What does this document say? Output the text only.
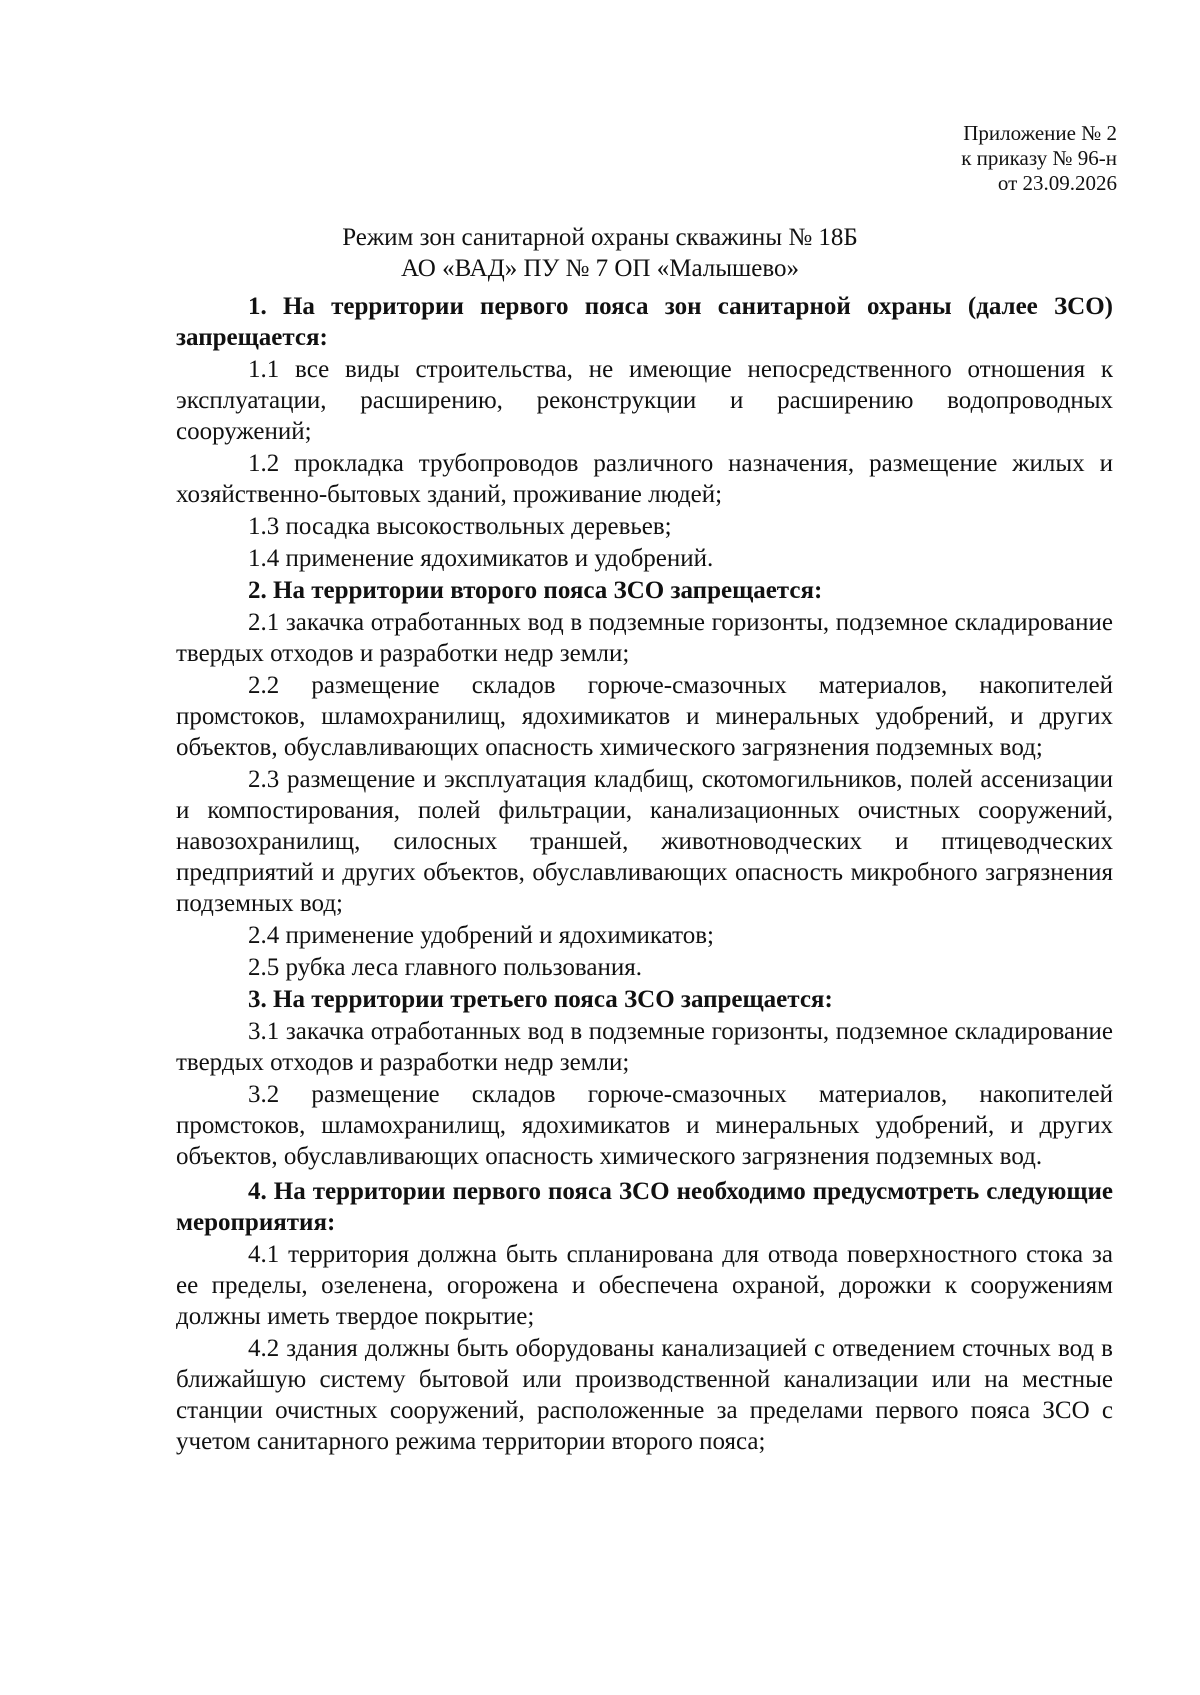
Приложение № 2
к приказу № 96-н
от 23.09.2026
Режим зон санитарной охраны скважины № 18Б
АО «ВАД» ПУ № 7 ОП «Малышево»

1. На территории первого пояса зон санитарной охраны (далее ЗСО) запрещается:

1.1 все виды строительства, не имеющие непосредственного отношения к эксплуатации, расширению, реконструкции и расширению водопроводных сооружений;

1.2 прокладка трубопроводов различного назначения, размещение жилых и хозяйственно-бытовых зданий, проживание людей;

1.3 посадка высокоствольных деревьев;

1.4 применение ядохимикатов и удобрений.

2. На территории второго пояса ЗСО запрещается:

2.1 закачка отработанных вод в подземные горизонты, подземное складирование твердых отходов и разработки недр земли;

2.2 размещение складов горюче-смазочных материалов, накопителей промстоков, шламохранилищ, ядохимикатов и минеральных удобрений, и других объектов, обуславливающих опасность химического загрязнения подземных вод;

2.3 размещение и эксплуатация кладбищ, скотомогильников, полей ассенизации и компостирования, полей фильтрации, канализационных очистных сооружений, навозохранилищ, силосных траншей, животноводческих и птицеводческих предприятий и других объектов, обуславливающих опасность микробного загрязнения подземных вод;

2.4 применение удобрений и ядохимикатов;

2.5 рубка леса главного пользования.

3. На территории третьего пояса ЗСО запрещается:

3.1 закачка отработанных вод в подземные горизонты, подземное складирование твердых отходов и разработки недр земли;

3.2 размещение складов горюче-смазочных материалов, накопителей промстоков, шламохранилищ, ядохимикатов и минеральных удобрений, и других объектов, обуславливающих опасность химического загрязнения подземных вод.

4. На территории первого пояса ЗСО необходимо предусмотреть следующие мероприятия:

4.1 территория должна быть спланирована для отвода поверхностного стока за ее пределы, озеленена, огорожена и обеспечена охраной, дорожки к сооружениям должны иметь твердое покрытие;

4.2 здания должны быть оборудованы канализацией с отведением сточных вод в ближайшую систему бытовой или производственной канализации или на местные станции очистных сооружений, расположенные за пределами первого пояса ЗСО с учетом санитарного режима территории второго пояса;
